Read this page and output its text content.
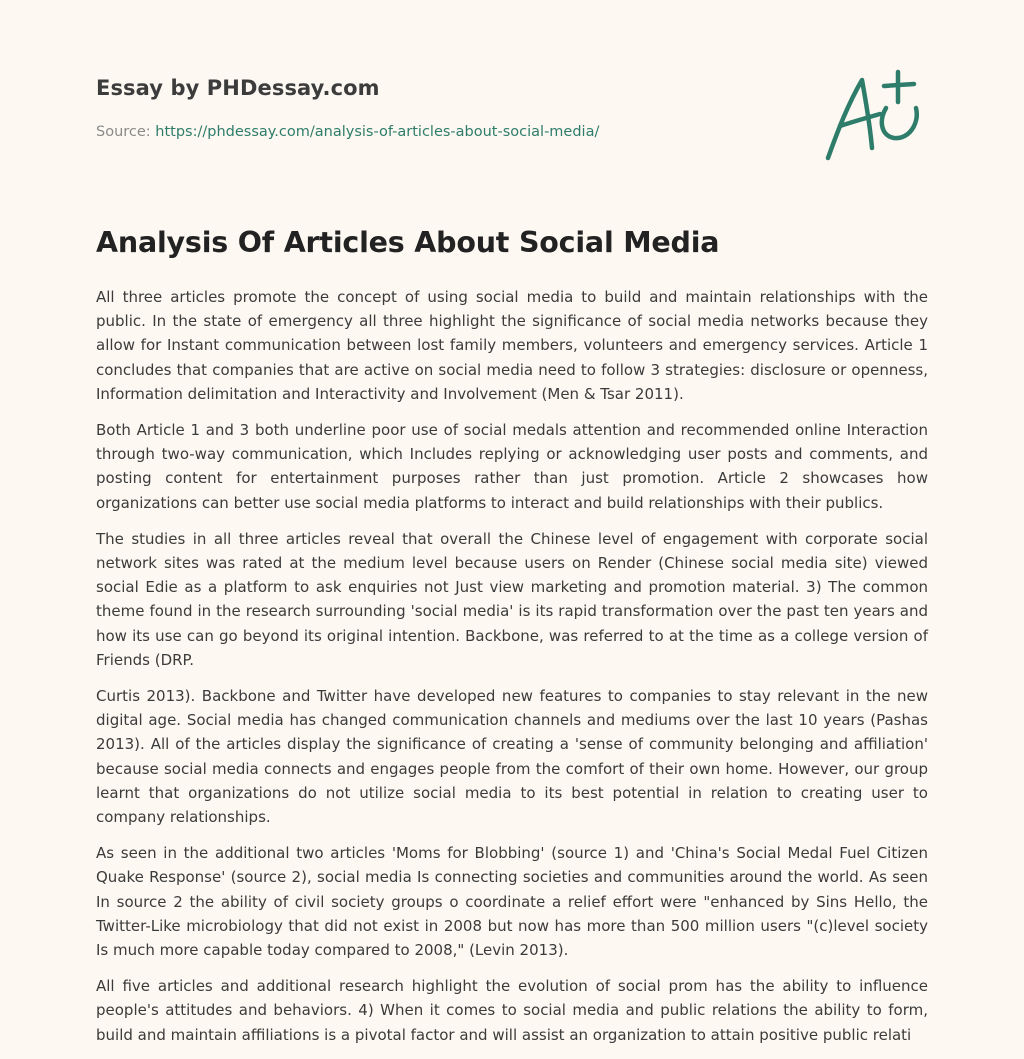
Essay by PHDessay.com
Source: https://phdessay.com/analysis-of-articles-about-social-media/
Analysis Of Articles About Social Media

All three articles promote the concept of using social media to build and maintain relationships with the public. In the state of emergency all three highlight the significance of social media networks because they allow for Instant communication between lost family members, volunteers and emergency services. Article 1 concludes that companies that are active on social media need to follow 3 strategies: disclosure or openness, Information delimitation and Interactivity and Involvement (Men & Tsar 2011).

Both Article 1 and 3 both underline poor use of social medals attention and recommended online Interaction through two-way communication, which Includes replying or acknowledging user posts and comments, and posting content for entertainment purposes rather than just promotion. Article 2 showcases how organizations can better use social media platforms to interact and build relationships with their publics.

The studies in all three articles reveal that overall the Chinese level of engagement with corporate social network sites was rated at the medium level because users on Render (Chinese social media site) viewed social Edie as a platform to ask enquiries not Just view marketing and promotion material. 3) The common theme found in the research surrounding 'social media' is its rapid transformation over the past ten years and how its use can go beyond its original intention. Backbone, was referred to at the time as a college version of Friends (DRP.

Curtis 2013). Backbone and Twitter have developed new features to companies to stay relevant in the new digital age. Social media has changed communication channels and mediums over the last 10 years (Pashas 2013). All of the articles display the significance of creating a 'sense of community belonging and affiliation' because social media connects and engages people from the comfort of their own home. However, our group learnt that organizations do not utilize social media to its best potential in relation to creating user to company relationships.

As seen in the additional two articles 'Moms for Blobbing' (source 1) and 'China's Social Medal Fuel Citizen Quake Response' (source 2), social media Is connecting societies and communities around the world. As seen In source 2 the ability of civil society groups o coordinate a relief effort were "enhanced by Sins Hello, the Twitter-Like microbiology that did not exist in 2008 but now has more than 500 million users "(c)level society Is much more capable today compared to 2008," (Levin 2013).

All five articles and additional research highlight the evolution of social prom has the ability to influence people's attitudes and behaviors. 4) When it comes to social media and public relations the ability to form, build and maintain affiliations is a pivotal factor and will assist an organization to attain positive public relati
